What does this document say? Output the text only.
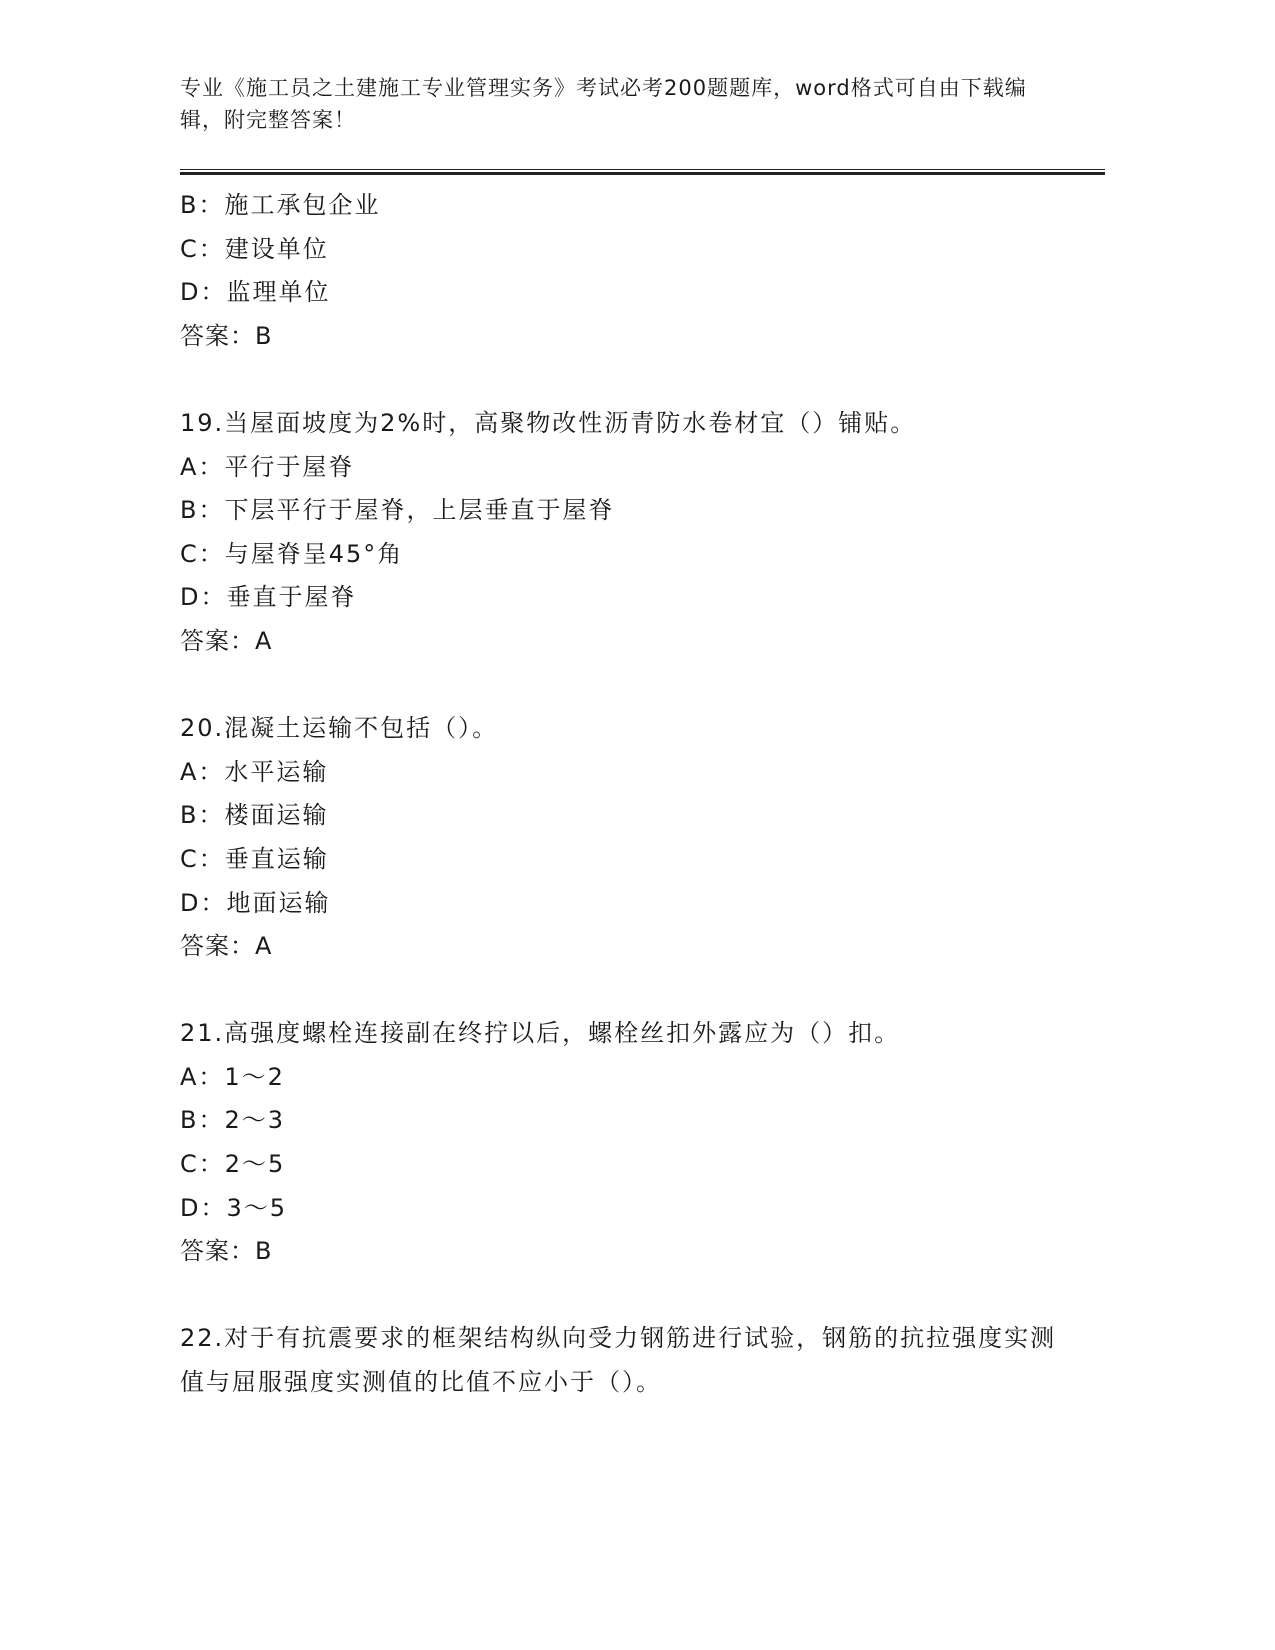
专业《施工员之土建施工专业管理实务》考试必考200题题库，word格式可自由下载编辑，附完整答案！
B：施工承包企业
C：建设单位
D：监理单位
答案：B
19.当屋面坡度为2%时，高聚物改性沥青防水卷材宜（）铺贴。
A：平行于屋脊
B：下层平行于屋脊，上层垂直于屋脊
C：与屋脊呈45°角
D：垂直于屋脊
答案：A
20.混凝土运输不包括（）。
A：水平运输
B：楼面运输
C：垂直运输
D：地面运输
答案：A
21.高强度螺栓连接副在终拧以后，螺栓丝扣外露应为（）扣。
A：1～2
B：2～3
C：2～5
D：3～5
答案：B
22.对于有抗震要求的框架结构纵向受力钢筋进行试验，钢筋的抗拉强度实测值与屈服强度实测值的比值不应小于（）。
